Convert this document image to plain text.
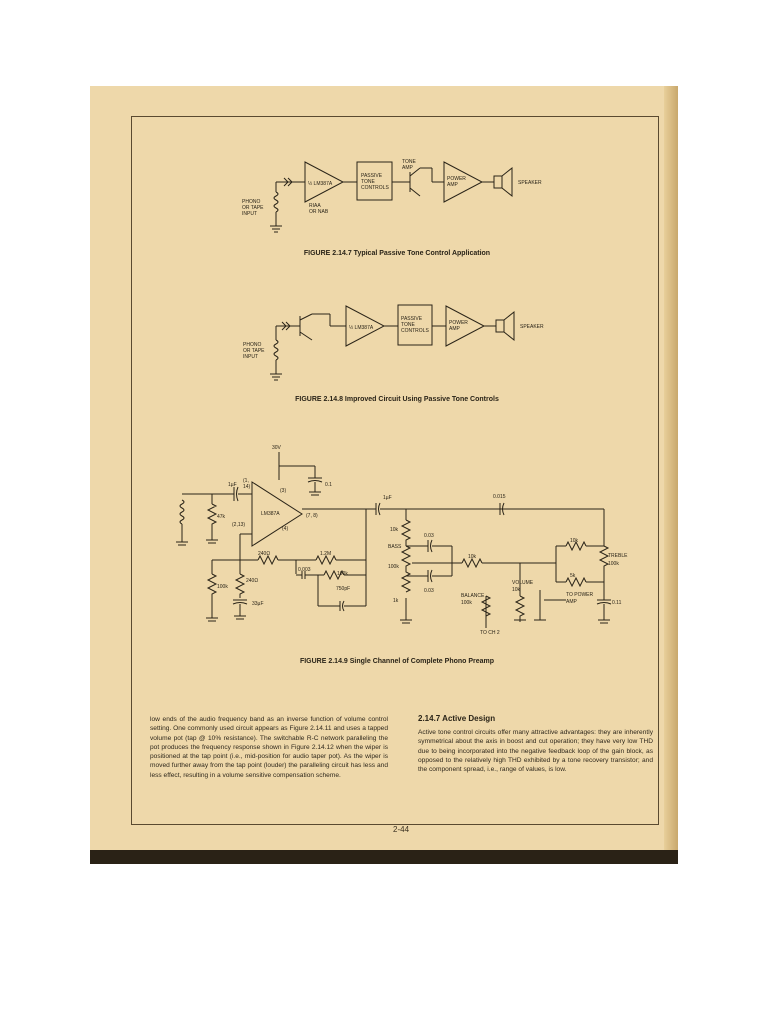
PHONO
OR TAPE
INPUT
½ LM387A
RIAA
OR NAB
PASSIVE
TONE
CONTROLS
TONE
AMP
POWER
AMP	SPEAKER
PHONO
OR TAPE
INPUT
½ LM387A
PASSIVE
TONE
CONTROLS
POWER
AMP	SPEAKER
30V
LM387A
(1,
14)
(2,13)
(3)
(4)
(7, 8)
47k
1µF	0.1
240Ω	1.2M
0.003
100k
750pF
100k
240Ω
33µF
1µF	0.015
10k
0.03
10k
10k
0.03
1k
5k
0.11
BASS
100k
TREBLE
100k
VOLUME
10k
BALANCE
100k
TO POWER
AMP
TO CH 2
FIGURE 2.14.7 Typical Passive Tone Control Application
FIGURE 2.14.8 Improved Circuit Using Passive Tone Controls
FIGURE 2.14.9 Single Channel of Complete Phono Preamp
low ends of the audio frequency band as an inverse function of volume control setting. One commonly used circuit appears as Figure 2.14.11 and uses a tapped volume pot (tap @ 10% resistance). The switchable R-C network paralleling the pot produces the frequency response shown in Figure 2.14.12 when the wiper is positioned at the tap point (i.e., mid-position for audio taper pot). As the wiper is moved further away from the tap point (louder) the paralleling circuit has less and less effect, resulting in a volume sensitive compensation scheme.
2.14.7 Active Design
Active tone control circuits offer many attractive advantages: they are inherently symmetrical about the axis in boost and cut operation; they have very low THD due to being incorporated into the negative feedback loop of the gain block, as opposed to the relatively high THD exhibited by a tone recovery transistor; and the component spread, i.e., range of values, is low.
2-44
